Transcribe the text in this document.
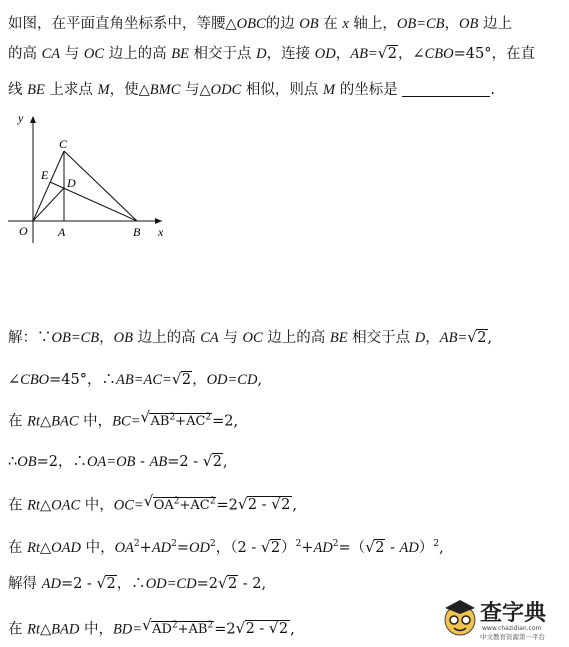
如图，在平面直角坐标系中，等腰△OBC的边 OB 在 x 轴上，OB=CB，OB 边上
的高 CA 与 OC 边上的高 BE 相交于点 D，连接 OD，AB= √ 2，∠CBO=45°，在直
线 BE 上求点 M，使△BMC 与△ODC 相似，则点 M 的坐标是	.
y
x
C
E
D
O	A	B
解：∵OB=CB，OB 边上的高 CA 与 OC 边上的高 BE 相交于点 D，AB= √ 2,
∠CBO=45°，∴AB=AC= √ 2，OD=CD,
在 Rt△BAC 中，BC= √ $AB^2+AC^2=2$,
∴OB=2，∴OA=OB - AB=2 - √ 2,
在 Rt△OAC 中，OC= √ $OA^2+AC^2=2$ √ 2 - √ 2 ,
在 Rt△OAD 中，$OA^2+AD^2=OD^2$，（2 - √ $2)^2+AD^2=$（ √ 2 - AD）$^2$,
解得 AD=2 - √ 2，∴OD=CD=2 √ 2 - 2,
在 Rt△BAD 中，BD= √ $AD^2+AB^2=2$ √ 2 - √ 2 ,
查字典
www.chazidian.com
中文教育资源第一平台
